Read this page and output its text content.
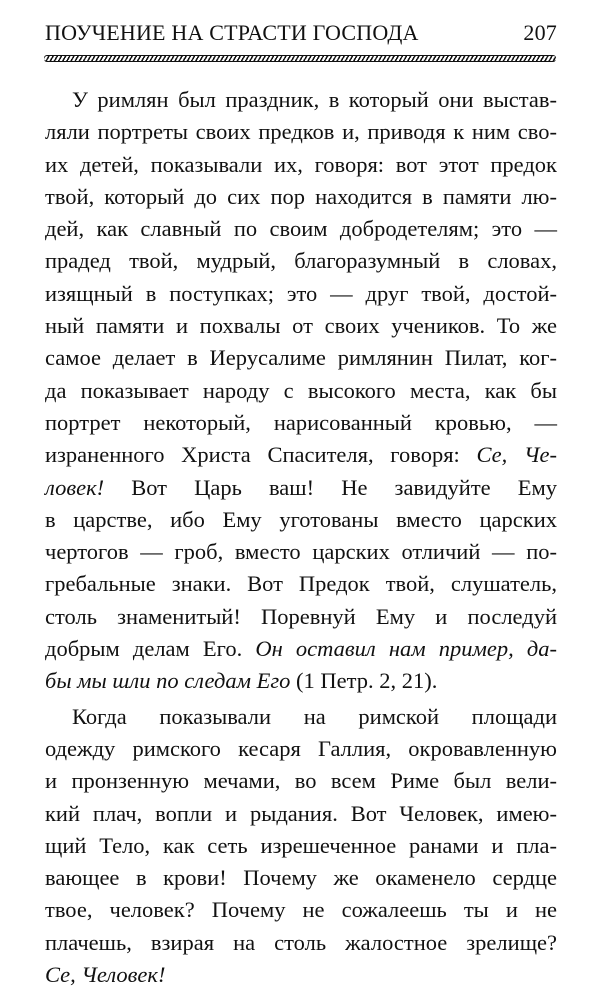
ПОУЧЕНИЕ НА СТРАСТИ ГОСПОДА	207
У римлян был праздник, в который они выстав-
ляли портреты своих предков и, приводя к ним сво-
их детей, показывали их, говоря: вот этот предок
твой, который до сих пор находится в памяти лю-
дей, как славный по своим добродетелям; это —
прадед твой, мудрый, благоразумный в словах,
изящный в поступках; это — друг твой, достой-
ный памяти и похвалы от своих учеников. То же
самое делает в Иерусалиме римлянин Пилат, ког-
да показывает народу с высокого места, как бы
портрет некоторый, нарисованный кровью, —
израненного Христа Спасителя, говоря: Се, Че-
ловек! Вот Царь ваш! Не завидуйте Ему
в царстве, ибо Ему уготованы вместо царских
чертогов — гроб, вместо царских отличий — по-
гребальные знаки. Вот Предок твой, слушатель,
столь знаменитый! Поревнуй Ему и последуй
добрым делам Его. Он оставил нам пример, да-
бы мы шли по следам Его (1 Петр. 2, 21).
Когда показывали на римской площади
одежду римского кесаря Галлия, окровавленную
и пронзенную мечами, во всем Риме был вели-
кий плач, вопли и рыдания. Вот Человек, имею-
щий Тело, как сеть изрешеченное ранами и пла-
вающее в крови! Почему же окаменело сердце
твое, человек? Почему не сожалеешь ты и не
плачешь, взирая на столь жалостное зрелище?
Се, Человек!
